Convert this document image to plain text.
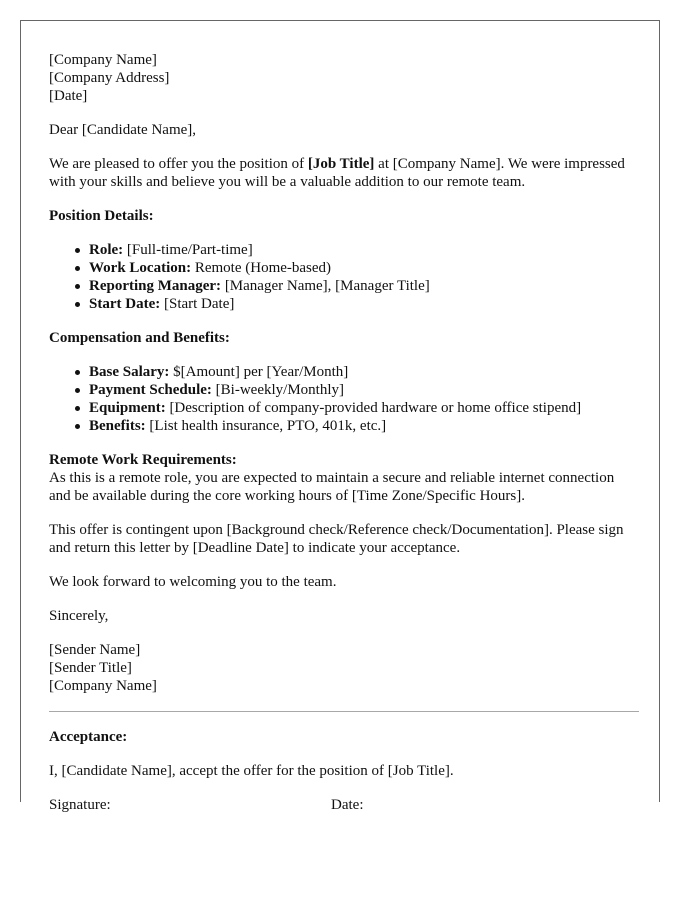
[Company Name]
[Company Address]
[Date]

Dear [Candidate Name],

We are pleased to offer you the position of [Job Title] at [Company Name]. We were impressed with your skills and believe you will be a valuable addition to our remote team.

Position Details:

Role: [Full-time/Part-time]
Work Location: Remote (Home-based)
Reporting Manager: [Manager Name], [Manager Title]
Start Date: [Start Date]

Compensation and Benefits:

Base Salary: $[Amount] per [Year/Month]
Payment Schedule: [Bi-weekly/Monthly]
Equipment: [Description of company-provided hardware or home office stipend]
Benefits: [List health insurance, PTO, 401k, etc.]

Remote Work Requirements:

As this is a remote role, you are expected to maintain a secure and reliable internet connection and be available during the core working hours of [Time Zone/Specific Hours].

This offer is contingent upon [Background check/Reference check/Documentation]. Please sign and return this letter by [Deadline Date] to indicate your acceptance.

We look forward to welcoming you to the team.

Sincerely,

[Sender Name]
[Sender Title]
[Company Name]

Acceptance:

I, [Candidate Name], accept the offer for the position of [Job Title].

Signature:	Date:
